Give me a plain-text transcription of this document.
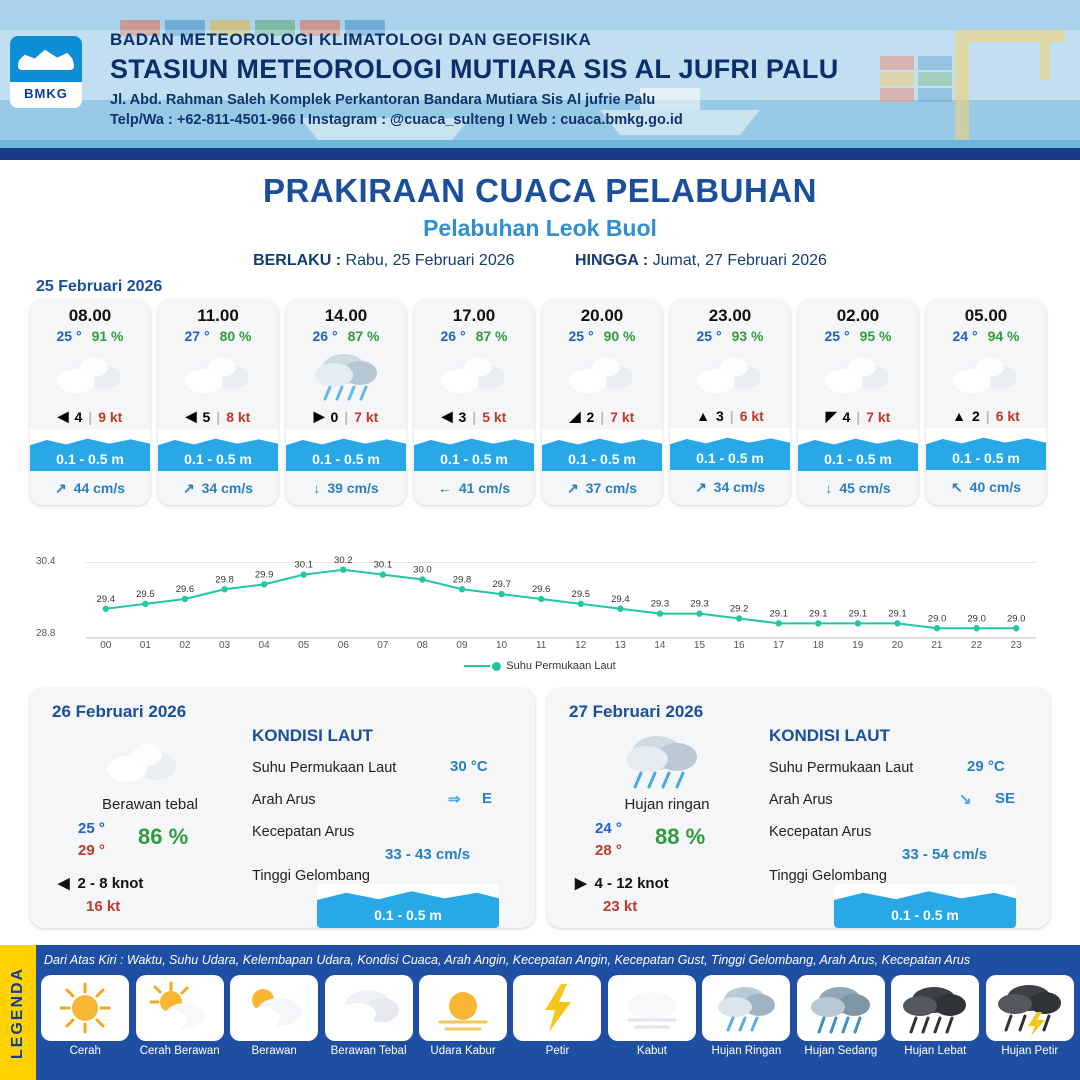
BMKG
BADAN METEOROLOGI KLIMATOLOGI DAN GEOFISIKA
STASIUN METEOROLOGI MUTIARA SIS AL JUFRI PALU
Jl. Abd. Rahman Saleh Komplek Perkantoran Bandara Mutiara Sis Al jufrie Palu
Telp/Wa : +62-811-4501-966 I Instagram : @cuaca_sulteng I Web : cuaca.bmkg.go.id
PRAKIRAAN CUACA PELABUHAN
Pelabuhan Leok Buol
BERLAKU : Rabu, 25 Februari 2026	HINGGA : Jumat, 27 Februari 2026
25 Februari 2026
08.00
25 ° 91 %
◀ 4 | 9 kt
0.1 - 0.5 m
↗ 44 cm/s
11.00
27 ° 80 %
◀ 5 | 8 kt
0.1 - 0.5 m
↗ 34 cm/s
14.00
26 ° 87 %
▶ 0 | 7 kt
0.1 - 0.5 m
↓ 39 cm/s
17.00
26 ° 87 %
◀ 3 | 5 kt
0.1 - 0.5 m
← 41 cm/s
20.00
25 ° 90 %
◢ 2 | 7 kt
0.1 - 0.5 m
↗ 37 cm/s
23.00
25 ° 93 %
▲ 3 | 6 kt
0.1 - 0.5 m
↗ 34 cm/s
02.00
25 ° 95 %
◤ 4 | 7 kt
0.1 - 0.5 m
↓ 45 cm/s
05.00
24 ° 94 %
▲ 2 | 6 kt
0.1 - 0.5 m
↖ 40 cm/s
30.4
28.8
29.4 29.5 29.6
29.8 29.9
30.1 30.2 30.1 30.0
29.8 29.7 29.6 29.5 29.4 29.3 29.3 29.2 29.1 29.1 29.1 29.1 29.0 29.0 29.0
00	01	02	03	04	05	06	07	08	09	10	11	12	13	14	15	16	17	18	19	20	21	22	23
Suhu Permukaan Laut
26 Februari 2026
Berawan tebal
25 °
29 °
86 %
◀ 2 - 8 knot
16 kt
KONDISI LAUT
Suhu Permukaan Laut	30 °C
Arah Arus	⇒ E
Kecepatan Arus
33 - 43 cm/s
Tinggi Gelombang
0.1 - 0.5 m
27 Februari 2026
Hujan ringan
24 °
28 °
88 %
▶ 4 - 12 knot
23 kt
KONDISI LAUT
Suhu Permukaan Laut	29 °C
Arah Arus	↘ SE
Kecepatan Arus
33 - 54 cm/s
Tinggi Gelombang
0.1 - 0.5 m
LEGENDA
Dari Atas Kiri : Waktu, Suhu Udara, Kelembapan Udara, Kondisi Cuaca, Arah Angin, Kecepatan Angin, Kecepatan Gust, Tinggi Gelombang, Arah Arus, Kecepatan Arus
Cerah	Cerah Berawan	Berawan	Berawan Tebal	Udara Kabur	Petir	Kabut	Hujan Ringan	Hujan Sedang	Hujan Lebat	Hujan Petir
